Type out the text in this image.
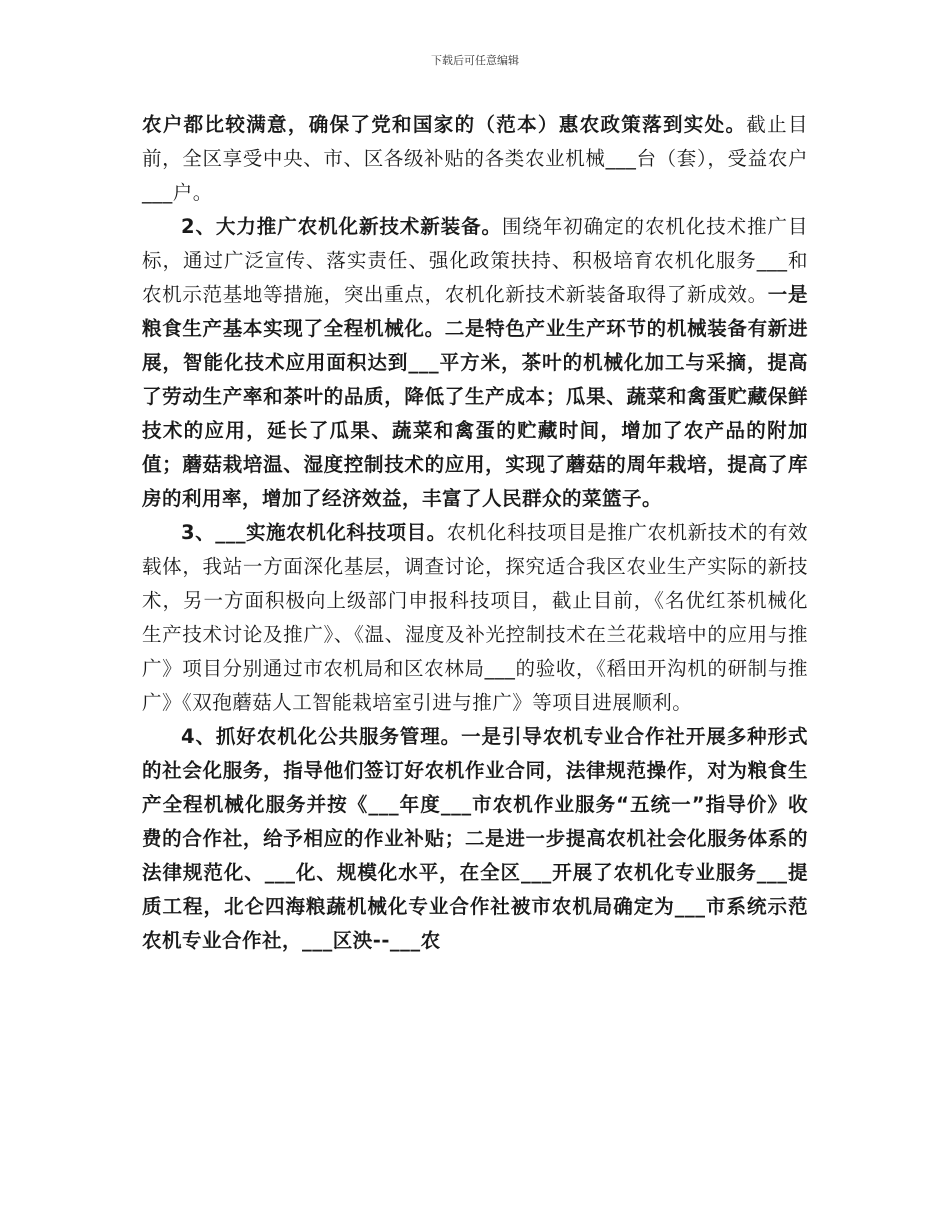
下载后可任意编辑

农户都比较满意，确保了党和国家的（范本）惠农政策落到实处。截止目前，全区享受中央、市、区各级补贴的各类农业机械___台（套），受益农户___户。

2、大力推广农机化新技术新装备。围绕年初确定的农机化技术推广目标，通过广泛宣传、落实责任、强化政策扶持、积极培育农机化服务___和农机示范基地等措施，突出重点，农机化新技术新装备取得了新成效。一是粮食生产基本实现了全程机械化。二是特色产业生产环节的机械装备有新进展，智能化技术应用面积达到___平方米，茶叶的机械化加工与采摘，提高了劳动生产率和茶叶的品质，降低了生产成本；瓜果、蔬菜和禽蛋贮藏保鲜技术的应用，延长了瓜果、蔬菜和禽蛋的贮藏时间，增加了农产品的附加值；蘑菇栽培温、湿度控制技术的应用，实现了蘑菇的周年栽培，提高了库房的利用率，增加了经济效益，丰富了人民群众的菜篮子。

3、___实施农机化科技项目。农机化科技项目是推广农机新技术的有效载体，我站一方面深化基层，调查讨论，探究适合我区农业生产实际的新技术，另一方面积极向上级部门申报科技项目，截止目前，《名优红茶机械化生产技术讨论及推广》、《温、湿度及补光控制技术在兰花栽培中的应用与推广》项目分别通过市农机局和区农林局___的验收，《稻田开沟机的研制与推广》《双孢蘑菇人工智能栽培室引进与推广》等项目进展顺利。

4、抓好农机化公共服务管理。一是引导农机专业合作社开展多种形式的社会化服务，指导他们签订好农机作业合同，法律规范操作，对为粮食生产全程机械化服务并按《___年度___市农机作业服务“五统一”指导价》收费的合作社，给予相应的作业补贴；二是进一步提高农机社会化服务体系的法律规范化、___化、规模化水平，在全区___开展了农机化专业服务___提质工程，北仑四海粮蔬机械化专业合作社被市农机局确定为___市系统示范农机专业合作社，___区泱--___农
